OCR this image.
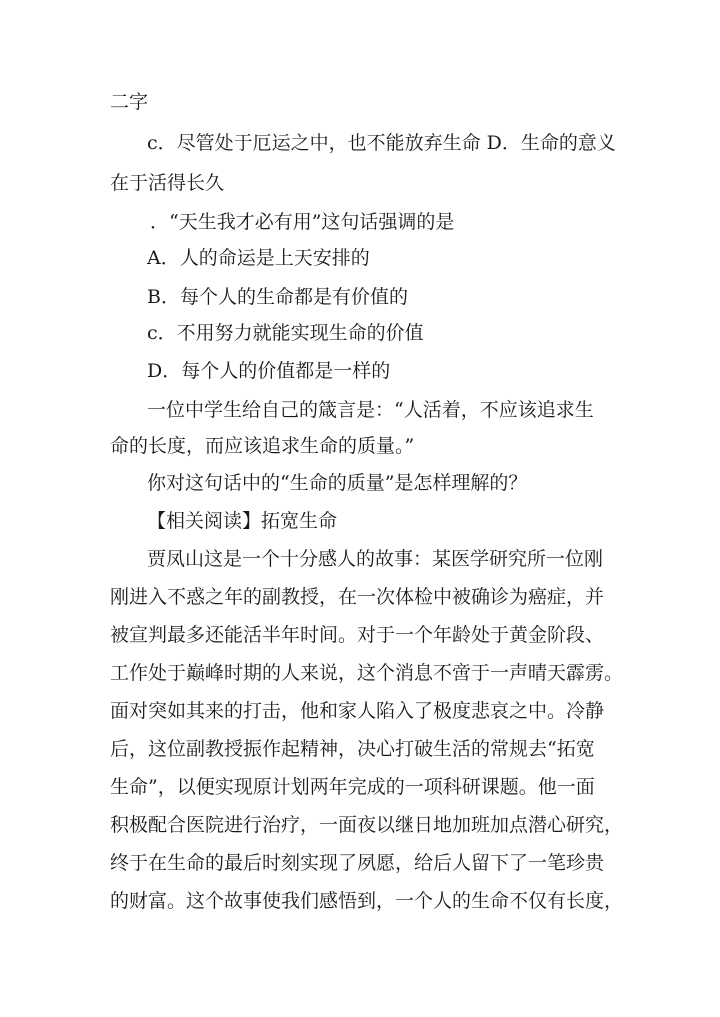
二字
c．尽管处于厄运之中，也不能放弃生命 D．生命的意义
在于活得长久
．“天生我才必有用”这句话强调的是
A．人的命运是上天安排的
B．每个人的生命都是有价值的
c．不用努力就能实现生命的价值
D．每个人的价值都是一样的
一位中学生给自己的箴言是：“人活着，不应该追求生
命的长度，而应该追求生命的质量。”
你对这句话中的“生命的质量”是怎样理解的？
【相关阅读】拓宽生命
贾凤山这是一个十分感人的故事：某医学研究所一位刚
刚进入不惑之年的副教授，在一次体检中被确诊为癌症，并
被宣判最多还能活半年时间。对于一个年龄处于黄金阶段、
工作处于巅峰时期的人来说，这个消息不啻于一声晴天霹雳。
面对突如其来的打击，他和家人陷入了极度悲哀之中。冷静
后，这位副教授振作起精神，决心打破生活的常规去“拓宽
生命”，以便实现原计划两年完成的一项科研课题。他一面
积极配合医院进行治疗，一面夜以继日地加班加点潜心研究，
终于在生命的最后时刻实现了夙愿，给后人留下了一笔珍贵
的财富。这个故事使我们感悟到，一个人的生命不仅有长度，
